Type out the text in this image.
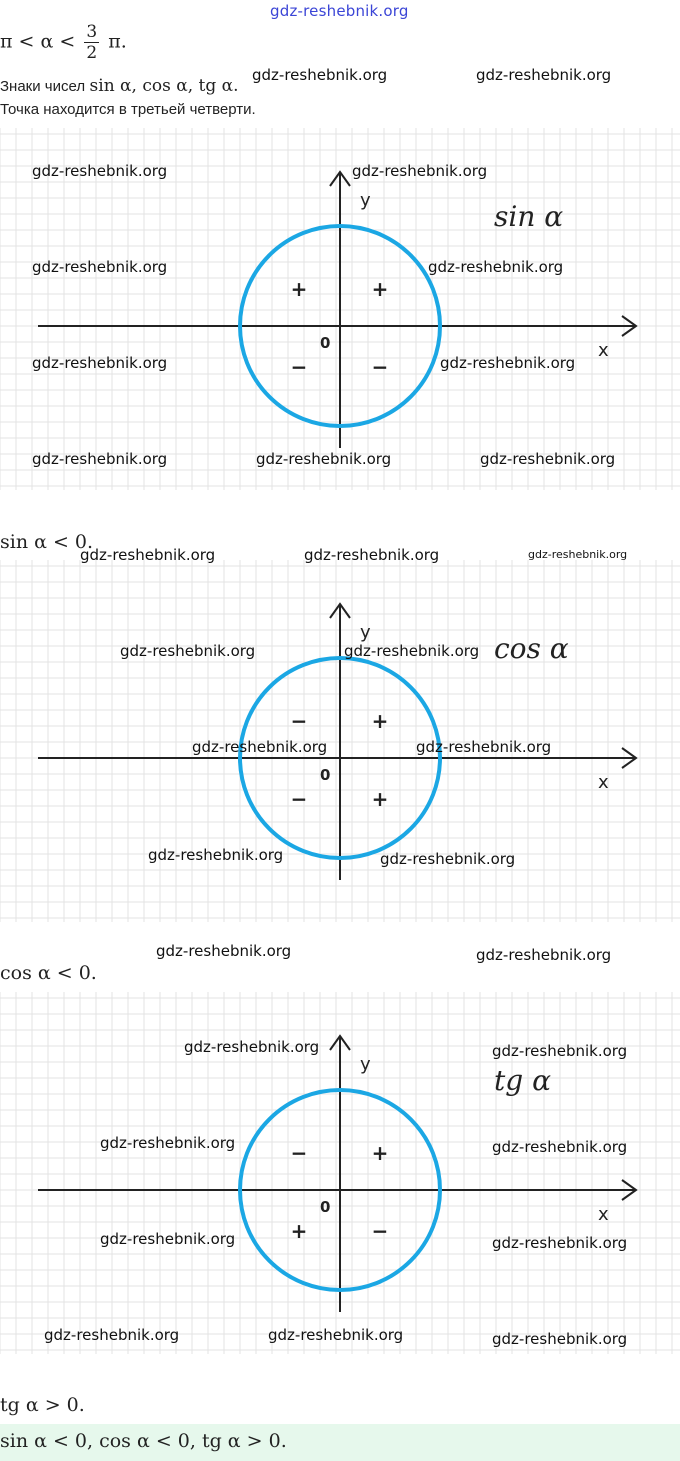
gdz-reshebnik.org
$\pi < \alpha < \frac{3}{2} \pi$.
Знаки чисел sin α, cos α, tg α.
gdz-reshebnik.org	gdz-reshebnik.org
Точка находится в третьей четверти.
y
x
0
sin α
+
+
−	−
gdz-reshebnik.org	gdz-reshebnik.org
gdz-reshebnik.org	gdz-reshebnik.org
gdz-reshebnik.org	gdz-reshebnik.org
gdz-reshebnik.org	gdz-reshebnik.org	gdz-reshebnik.org
sin α < 0.
gdz-reshebnik.org	gdz-reshebnik.org	gdz-reshebnik.org
y
x
0
cos α
+
−
−	+
gdz-reshebnik.org	gdz-reshebnik.org
gdz-reshebnik.org	gdz-reshebnik.org
gdz-reshebnik.org	gdz-reshebnik.org
gdz-reshebnik.org	gdz-reshebnik.org
cos α < 0.
y
x
0
tg α
+
−
+	−
gdz-reshebnik.org	gdz-reshebnik.org
gdz-reshebnik.org	gdz-reshebnik.org
gdz-reshebnik.org	gdz-reshebnik.org
gdz-reshebnik.org	gdz-reshebnik.org	gdz-reshebnik.org
tg α > 0.
sin α < 0, cos α < 0, tg α > 0.
